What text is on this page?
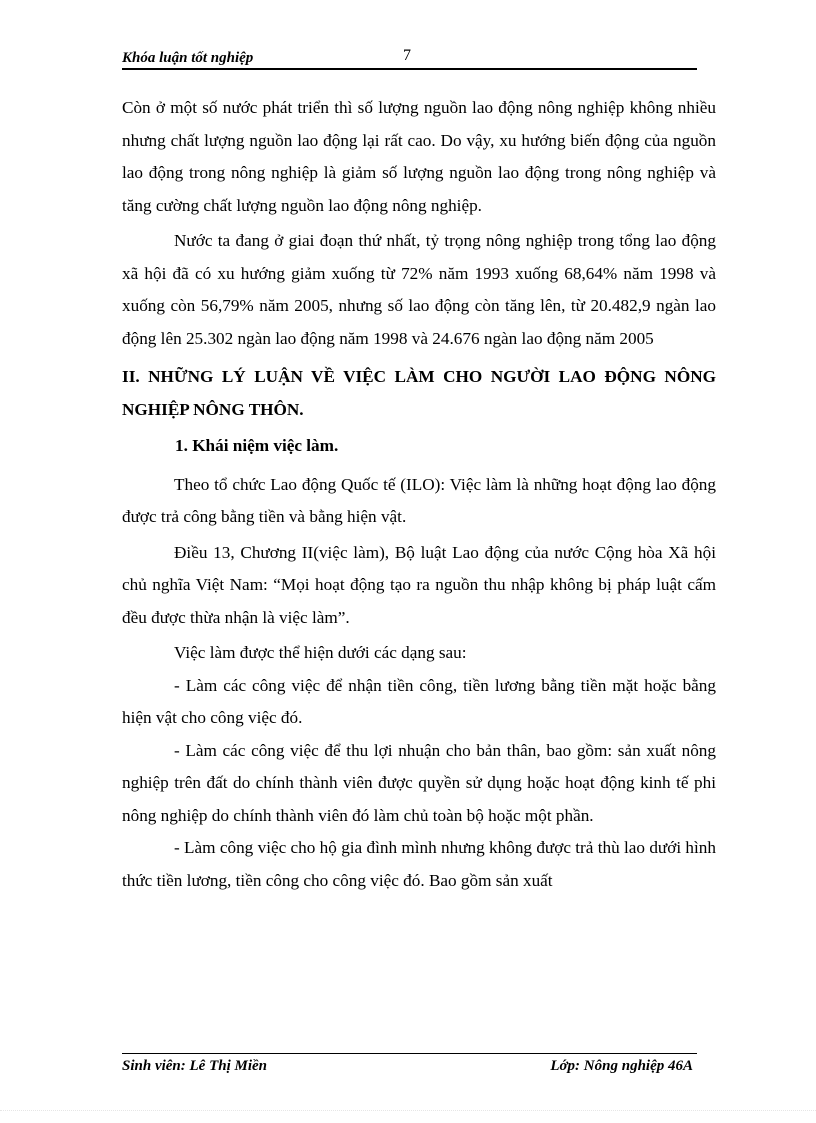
Khóa luận tốt nghiệp	7

Còn ở một số nước phát triển thì số lượng nguồn lao động nông nghiệp không nhiều nhưng chất lượng nguồn lao động lại rất cao. Do vậy, xu hướng biến động của nguồn lao động trong nông nghiệp là giảm số lượng nguồn lao động trong nông nghiệp và tăng cường chất lượng nguồn lao động nông nghiệp.

Nước ta đang ở giai đoạn thứ nhất, tỷ trọng nông nghiệp trong tổng lao động xã hội đã có xu hướng giảm xuống từ 72% năm 1993 xuống 68,64% năm 1998 và xuống còn 56,79% năm 2005, nhưng số lao động còn tăng lên, từ 20.482,9 ngàn lao động lên 25.302 ngàn lao động năm 1998 và 24.676 ngàn lao động năm 2005

II. NHỮNG LÝ LUẬN VỀ VIỆC LÀM CHO NGƯỜI LAO ĐỘNG NÔNG NGHIỆP NÔNG THÔN.

1. Khái niệm việc làm.

Theo tổ chức Lao động Quốc tế (ILO): Việc làm là những hoạt động lao động được trả công bằng tiền và bằng hiện vật.

Điều 13, Chương II(việc làm), Bộ luật Lao động của nước Cộng hòa Xã hội chủ nghĩa Việt Nam: “Mọi hoạt động tạo ra nguồn thu nhập không bị pháp luật cấm đều được thừa nhận là việc làm”.

Việc làm được thể hiện dưới các dạng sau:

- Làm các công việc để nhận tiền công, tiền lương bằng tiền mặt hoặc bằng hiện vật cho công việc đó.

- Làm các công việc để thu lợi nhuận cho bản thân, bao gồm: sản xuất nông nghiệp trên đất do chính thành viên được quyền sử dụng hoặc hoạt động kinh tế phi nông nghiệp do chính thành viên đó làm chủ toàn bộ hoặc một phần.

- Làm công việc cho hộ gia đình mình nhưng không được trả thù lao dưới hình thức tiền lương, tiền công cho công việc đó. Bao gồm sản xuất

Sinh viên: Lê Thị Miền	Lớp: Nông nghiệp 46A
